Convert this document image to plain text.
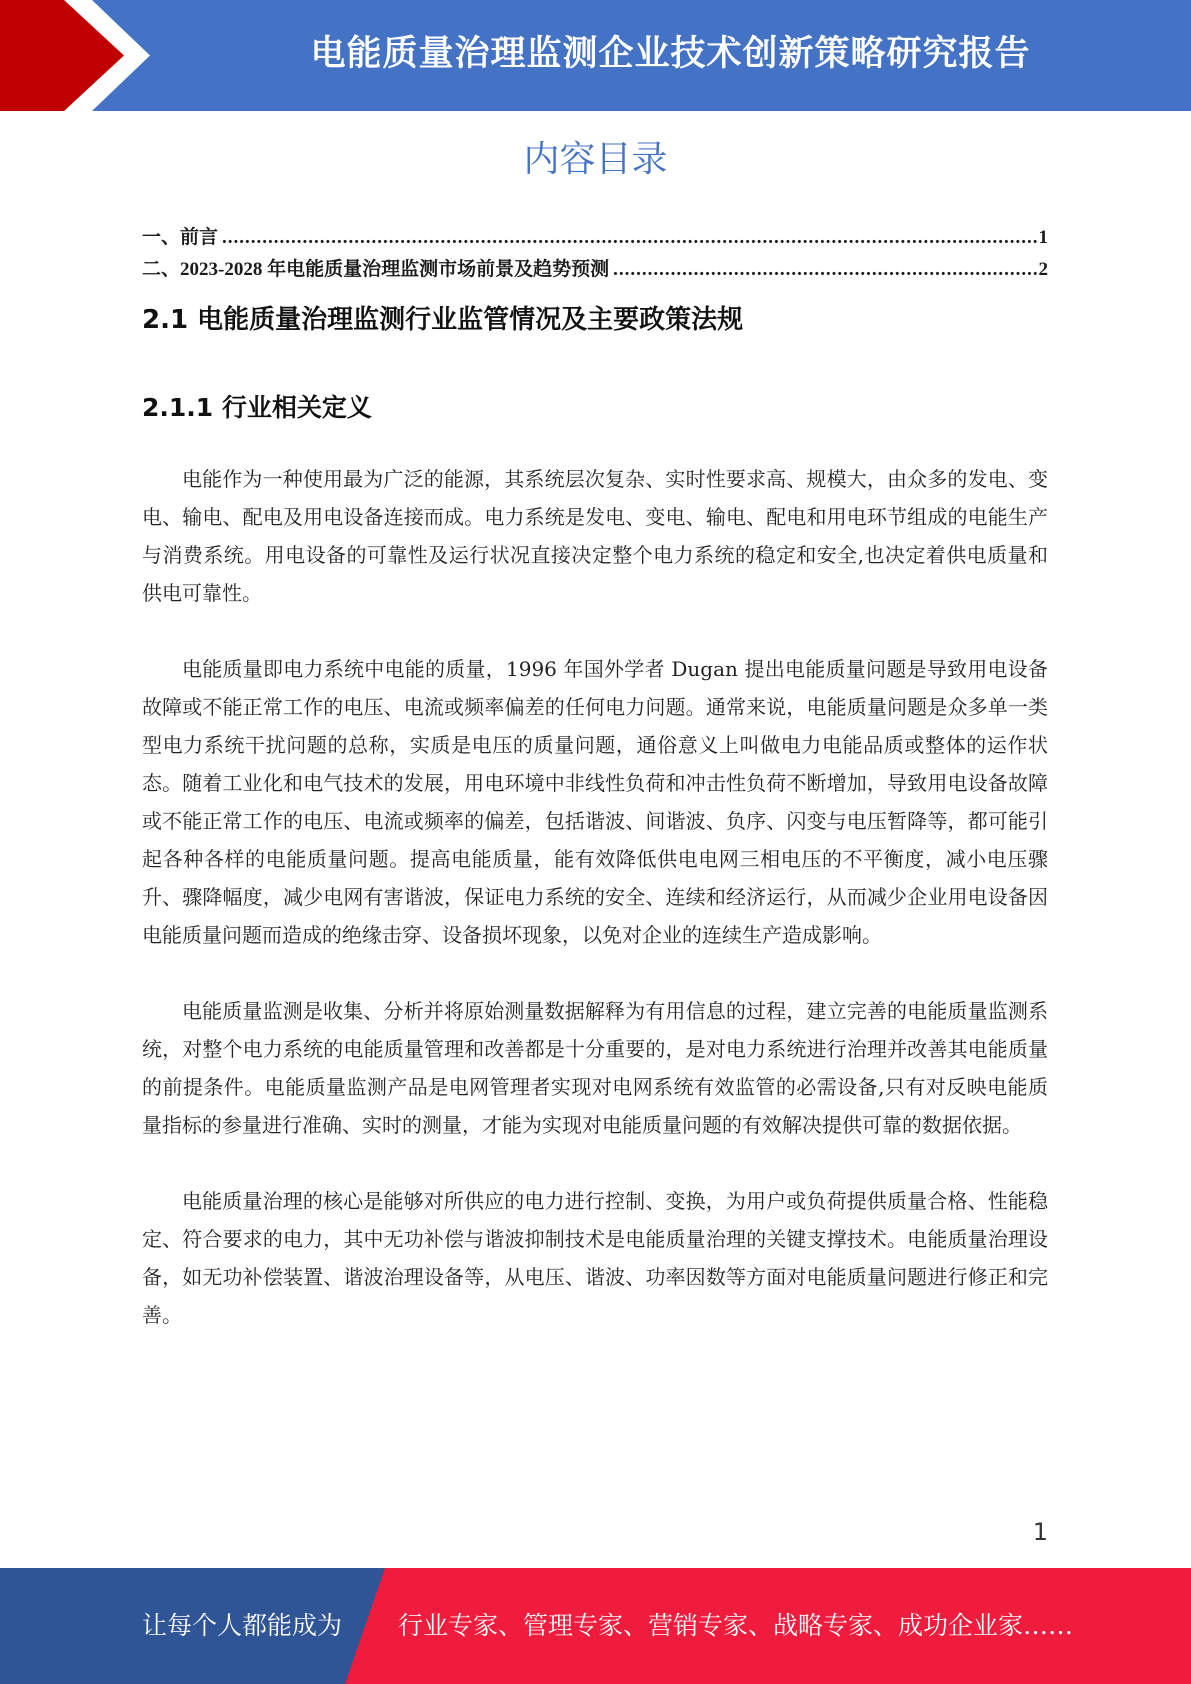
电能质量治理监测企业技术创新策略研究报告
内容目录
一、前言 .....	1
二、2023-2028 年电能质量治理监测市场前景及趋势预测 .....	2
2.1 电能质量治理监测行业监管情况及主要政策法规
2.1.1 行业相关定义

电能作为一种使用最为广泛的能源，其系统层次复杂、实时性要求高、规模大，由众多的发电、变电、输电、配电及用电设备连接而成。电力系统是发电、变电、输电、配电和用电环节组成的电能生产与消费系统。用电设备的可靠性及运行状况直接决定整个电力系统的稳定和安全,也决定着供电质量和供电可靠性。

电能质量即电力系统中电能的质量，1996 年国外学者 Dugan 提出电能质量问题是导致用电设备故障或不能正常工作的电压、电流或频率偏差的任何电力问题。通常来说，电能质量问题是众多单一类型电力系统干扰问题的总称，实质是电压的质量问题，通俗意义上叫做电力电能品质或整体的运作状态。随着工业化和电气技术的发展，用电环境中非线性负荷和冲击性负荷不断增加，导致用电设备故障或不能正常工作的电压、电流或频率的偏差，包括谐波、间谐波、负序、闪变与电压暂降等，都可能引起各种各样的电能质量问题。提高电能质量，能有效降低供电电网三相电压的不平衡度，减小电压骤升、骤降幅度，减少电网有害谐波，保证电力系统的安全、连续和经济运行，从而减少企业用电设备因电能质量问题而造成的绝缘击穿、设备损坏现象，以免对企业的连续生产造成影响。

电能质量监测是收集、分析并将原始测量数据解释为有用信息的过程，建立完善的电能质量监测系统，对整个电力系统的电能质量管理和改善都是十分重要的，是对电力系统进行治理并改善其电能质量的前提条件。电能质量监测产品是电网管理者实现对电网系统有效监管的必需设备,只有对反映电能质量指标的参量进行准确、实时的测量，才能为实现对电能质量问题的有效解决提供可靠的数据依据。

电能质量治理的核心是能够对所供应的电力进行控制、变换，为用户或负荷提供质量合格、性能稳定、符合要求的电力，其中无功补偿与谐波抑制技术是电能质量治理的关键支撑技术。电能质量治理设备，如无功补偿装置、谐波治理设备等，从电压、谐波、功率因数等方面对电能质量问题进行修正和完善。

1
让每个人都能成为 行业专家、管理专家、营销专家、战略专家、成功企业家……
